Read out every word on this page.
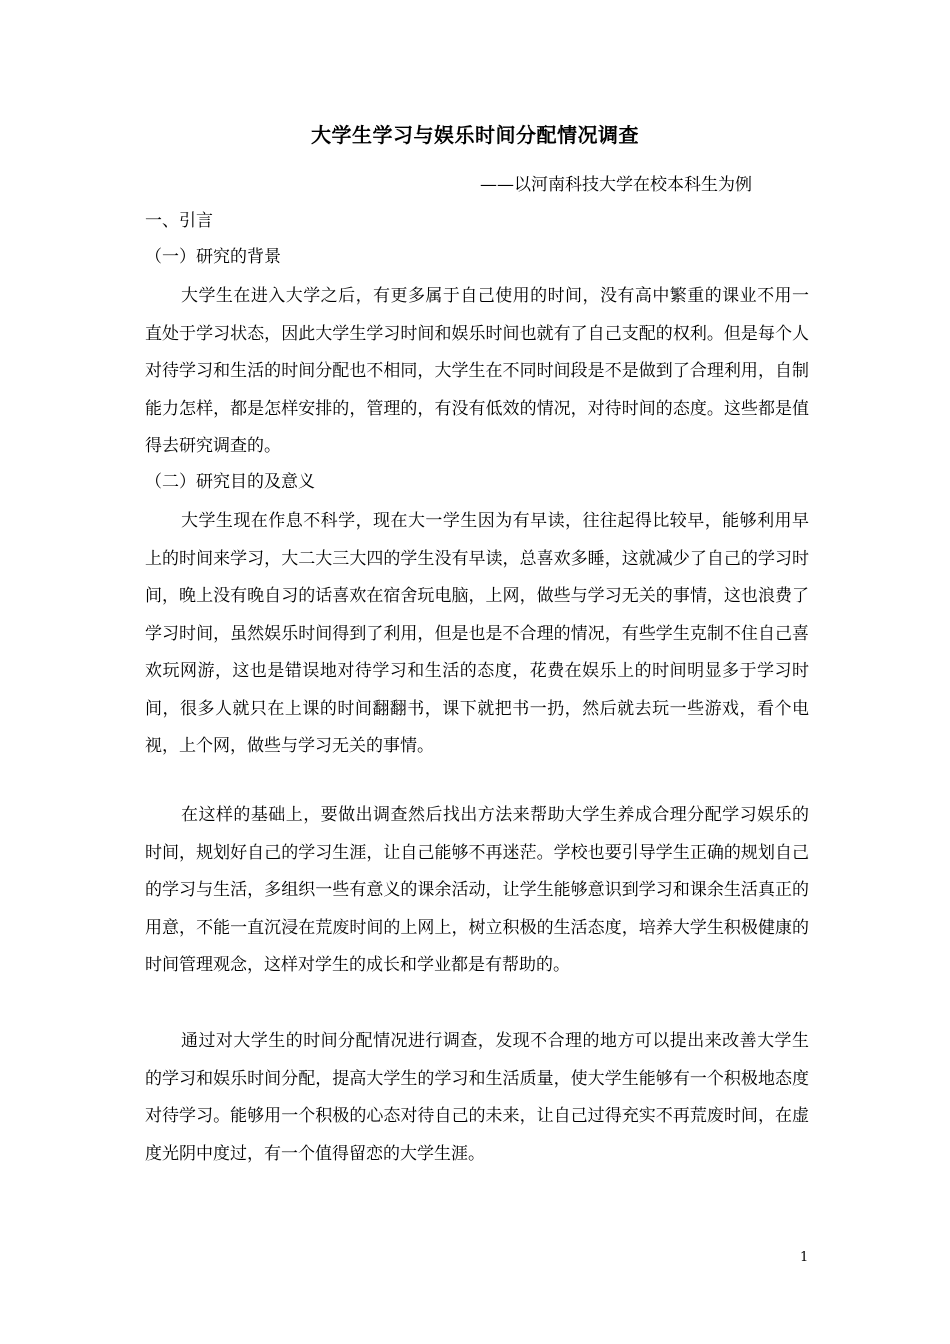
大学生学习与娱乐时间分配情况调查
——以河南科技大学在校本科生为例
一、引言
（一）研究的背景

大学生在进入大学之后，有更多属于自己使用的时间，没有高中繁重的课业不用一直处于学习状态，因此大学生学习时间和娱乐时间也就有了自己支配的权利。但是每个人对待学习和生活的时间分配也不相同，大学生在不同时间段是不是做到了合理利用，自制能力怎样，都是怎样安排的，管理的，有没有低效的情况，对待时间的态度。这些都是值得去研究调查的。

（二）研究目的及意义

大学生现在作息不科学，现在大一学生因为有早读，往往起得比较早，能够利用早上的时间来学习，大二大三大四的学生没有早读，总喜欢多睡，这就减少了自己的学习时间，晚上没有晚自习的话喜欢在宿舍玩电脑，上网，做些与学习无关的事情，这也浪费了学习时间，虽然娱乐时间得到了利用，但是也是不合理的情况，有些学生克制不住自己喜欢玩网游，这也是错误地对待学习和生活的态度，花费在娱乐上的时间明显多于学习时间，很多人就只在上课的时间翻翻书，课下就把书一扔，然后就去玩一些游戏，看个电视，上个网，做些与学习无关的事情。

在这样的基础上，要做出调查然后找出方法来帮助大学生养成合理分配学习娱乐的时间，规划好自己的学习生涯，让自己能够不再迷茫。学校也要引导学生正确的规划自己的学习与生活，多组织一些有意义的课余活动，让学生能够意识到学习和课余生活真正的用意，不能一直沉浸在荒废时间的上网上，树立积极的生活态度，培养大学生积极健康的时间管理观念，这样对学生的成长和学业都是有帮助的。

通过对大学生的时间分配情况进行调查，发现不合理的地方可以提出来改善大学生的学习和娱乐时间分配，提高大学生的学习和生活质量，使大学生能够有一个积极地态度对待学习。能够用一个积极的心态对待自己的未来，让自己过得充实不再荒废时间，在虚度光阴中度过，有一个值得留恋的大学生涯。

1
